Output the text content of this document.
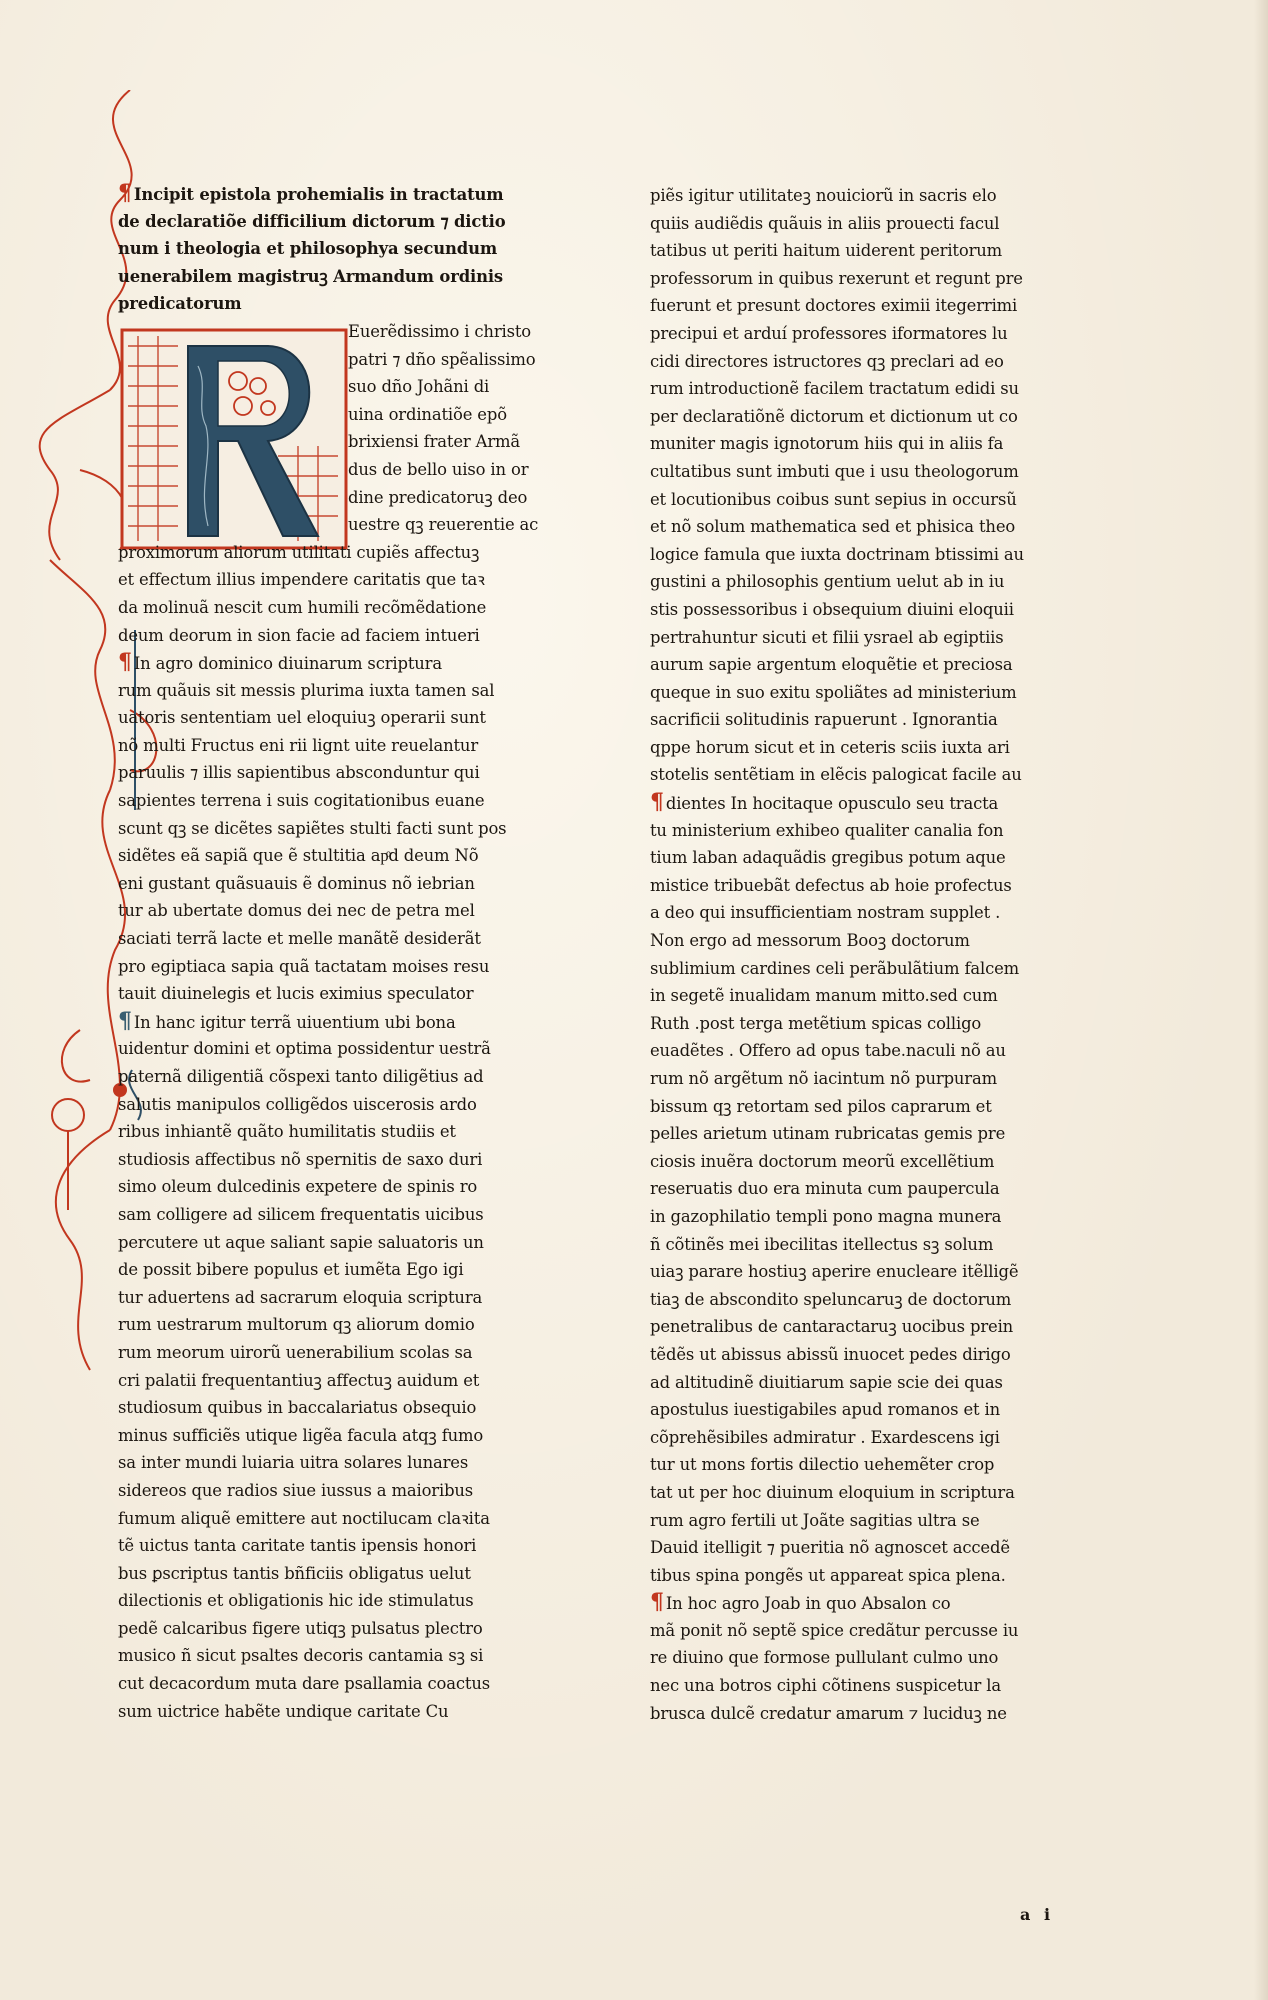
¶ Incipit epistola prohemialis in tractatum
de declaratiõe difficilium dictorum ⁊ dictio
num i theologia et philosophya secundum
uenerabilem magistruꝫ Armandum ordinis
predicatorum
Euerẽdissimo i christo
patri ⁊ dño spẽalissimo
suo dño Johãni di
uina ordinatiõe epõ
brixiensi frater Armã
dus de bello uiso in or
dine predicatoruꝫ deo
uestre qꝫ reuerentie ac
proximorum aliorum utilitati cupiẽs affectuꝫ
et effectum illius impendere caritatis que taꝛ
da molinuã nescit cum humili recõmẽdatione
deum deorum in sion facie ad faciem intueri
¶ In agro dominico diuinarum scriptura
rum quãuis sit messis plurima iuxta tamen sal
uatoris sententiam uel eloquiuꝫ operarii sunt
nõ multi Fructus eni rii lignt uite reuelantur
paruulis ⁊ illis sapientibus absconduntur qui
sapientes terrena i suis cogitationibus euane
scunt qꝫ se dicẽtes sapiẽtes stulti facti sunt pos
sidẽtes eã sapiã que ẽ stultitia apͦd deum Nõ
eni gustant quãsuauis ẽ dominus nõ iebrian
tur ab ubertate domus dei nec de petra mel
saciati terrã lacte et melle manãtẽ desiderãt
pro egiptiaca sapia quã tactatam moises resu
tauit diuinelegis et lucis eximius speculator
¶ In hanc igitur terrã uiuentium ubi bona
uidentur domini et optima possidentur uestrã
paternã diligentiã cõspexi tanto diligẽtius ad
salutis manipulos colligẽdos uiscerosis ardo
ribus inhiantẽ quãto humilitatis studiis et
studiosis affectibus nõ spernitis de saxo duri
simo oleum dulcedinis expetere de spinis ro
sam colligere ad silicem frequentatis uicibus
percutere ut aque saliant sapie saluatoris un
de possit bibere populus et iumẽta Ego igi
tur aduertens ad sacrarum eloquia scriptura
rum uestrarum multorum qꝫ aliorum domio
rum meorum uirorũ uenerabilium scolas sa
cri palatii frequentantiuꝫ affectuꝫ auidum et
studiosum quibus in baccalariatus obsequio
minus sufficiẽs utique ligẽa facula atqꝫ fumo
sa inter mundi luiaria uitra solares lunares
sidereos que radios siue iussus a maioribus
fumum aliquẽ emittere aut noctilucam claꝛita
tẽ uictus tanta caritate tantis ipensis honori
bus ꝑscriptus tantis bñficiis obligatus uelut
dilectionis et obligationis hic ide stimulatus
pedẽ calcaribus figere utiqꝫ pulsatus plectro
musico ñ sicut psaltes decoris cantamia sꝫ si
cut decacordum muta dare psallamia coactus
sum uictrice habẽte undique caritate Cu
piẽs igitur utilitateꝫ nouiciorũ in sacris elo
quiis audiẽdis quãuis in aliis prouecti facul
tatibus ut periti haitum uiderent peritorum
professorum in quibus rexerunt et regunt pre
fuerunt et presunt doctores eximii itegerrimi
precipui et arduí professores iformatores lu
cidi directores istructores qꝫ preclari ad eo
rum introductionẽ facilem tractatum edidi su
per declaratiõnẽ dictorum et dictionum ut co
muniter magis ignotorum hiis qui in aliis fa
cultatibus sunt imbuti que i usu theologorum
et locutionibus coibus sunt sepius in occursũ
et nõ solum mathematica sed et phisica theo
logice famula que iuxta doctrinam btissimi au
gustini a philosophis gentium uelut ab in iu
stis possessoribus i obsequium diuini eloquii
pertrahuntur sicuti et filii ysrael ab egiptiis
aurum sapie argentum eloquẽtie et preciosa
queque in suo exitu spoliãtes ad ministerium
sacrificii solitudinis rapuerunt . Ignorantia
qppe horum sicut et in ceteris sciis iuxta ari
stotelis sentẽtiam in elẽcis palogicat facile au
¶ dientes In hocitaque opusculo seu tracta
tu ministerium exhibeo qualiter canalia fon
tium laban adaquãdis gregibus potum aque
mistice tribuebãt defectus ab hoie profectus
a deo qui insufficientiam nostram supplet .
Non ergo ad messorum Booꝫ doctorum
sublimium cardines celi perãbulãtium falcem
in segetẽ inualidam manum mitto.sed cum
Ruth .post terga metẽtium spicas colligo
euadẽtes . Offero ad opus tabe.naculi nõ au
rum nõ argẽtum nõ iacintum nõ purpuram
bissum qꝫ retortam sed pilos caprarum et
pelles arietum utinam rubricatas gemis pre
ciosis inuẽra doctorum meorũ excellẽtium
reseruatis duo era minuta cum paupercula
in gazophilatio templi pono magna munera
ñ cõtinẽs mei ibecilitas itellectus sꝫ solum
uiaꝫ parare hostiuꝫ aperire enucleare itẽlligẽ
tiaꝫ de abscondito speluncaruꝫ de doctorum
penetralibus de cantaractaruꝫ uocibus prein
tẽdẽs ut abissus abissũ inuocet pedes dirigo
ad altitudinẽ diuitiarum sapie scie dei quas
apostulus iuestigabiles apud romanos et in
cõprehẽsibiles admiratur . Exardescens igi
tur ut mons fortis dilectio uehemẽter crop
tat ut per hoc diuinum eloquium in scriptura
rum agro fertili ut Joãte sagitias ultra se
Dauid itelligit ⁊ pueritia nõ agnoscet accedẽ
tibus spina pongẽs ut appareat spica plena.
¶ In hoc agro Joab in quo Absalon co
mã ponit nõ septẽ spice credãtur percusse iu
re diuino que formose pullulant culmo uno
nec una botros ciphi cõtinens suspicetur la
brusca dulcẽ credatur amarum ⁊ luciduꝫ ne
a i
